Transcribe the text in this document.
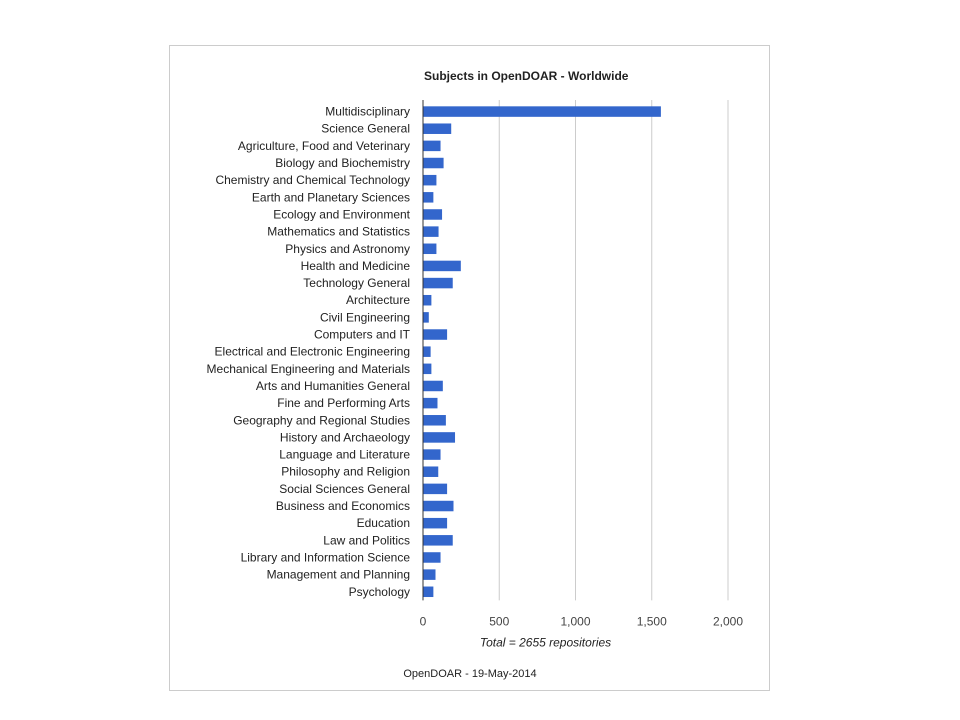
Subjects in OpenDOAR - Worldwide
Multidisciplinary
Science General
Agriculture, Food and Veterinary
Biology and Biochemistry
Chemistry and Chemical Technology
Earth and Planetary Sciences
Ecology and Environment
Mathematics and Statistics
Physics and Astronomy
Health and Medicine
Technology General
Architecture
Civil Engineering
Computers and IT
Electrical and Electronic Engineering
Mechanical Engineering and Materials
Arts and Humanities General
Fine and Performing Arts
Geography and Regional Studies
History and Archaeology
Language and Literature
Philosophy and Religion
Social Sciences General
Business and Economics
Education
Law and Politics
Library and Information Science
Management and Planning
Psychology
0	500	1,000	1,500	2,000
Total = 2655 repositories
OpenDOAR - 19-May-2014
